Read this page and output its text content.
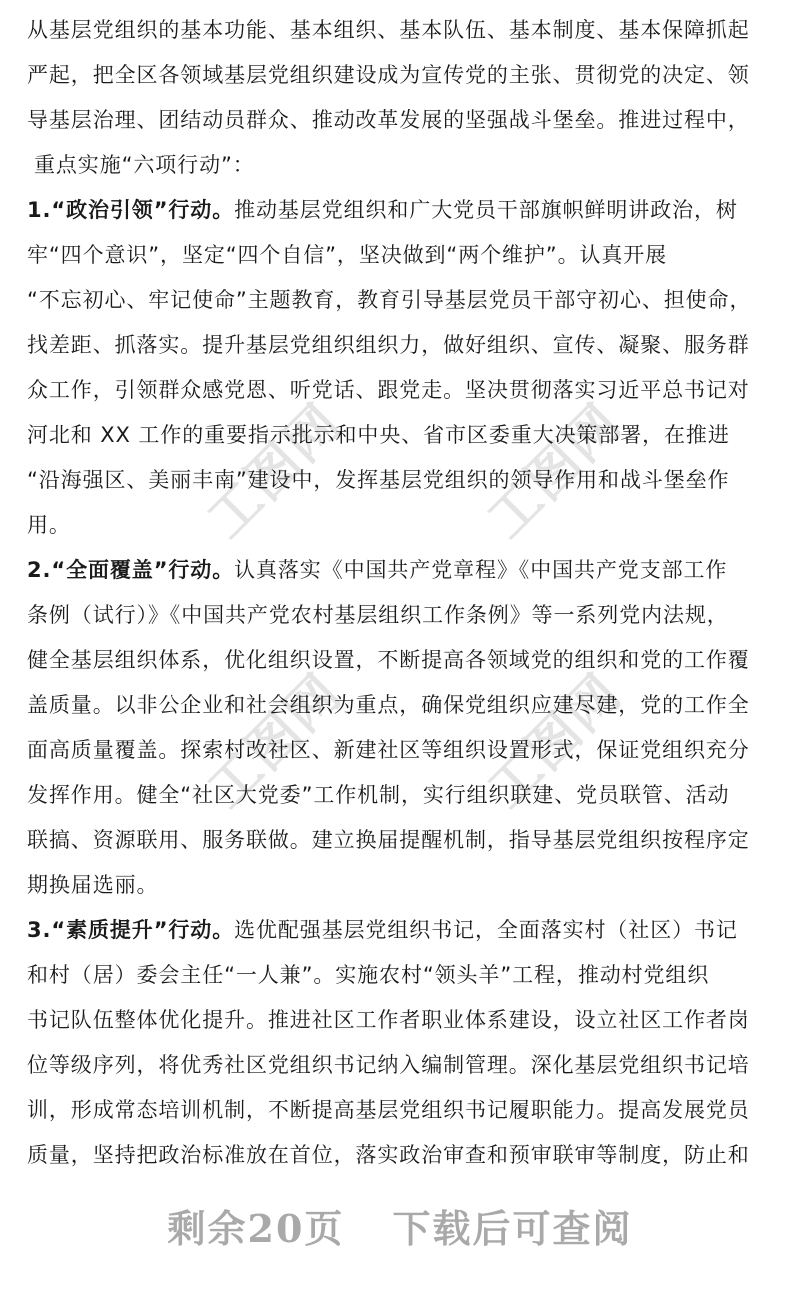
工图网 工图网
工图网 工图网
从基层党组织的基本功能、基本组织、基本队伍、基本制度、基本保障抓起
严起，把全区各领域基层党组织建设成为宣传党的主张、贯彻党的决定、领
导基层治理、团结动员群众、推动改革发展的坚强战斗堡垒。推进过程中，
重点实施“六项行动”：
1.“政治引领”行动。推动基层党组织和广大党员干部旗帜鲜明讲政治，树
牢“四个意识”，坚定“四个自信”，坚决做到“两个维护”。认真开展
“不忘初心、牢记使命”主题教育，教育引导基层党员干部守初心、担使命，
找差距、抓落实。提升基层党组织组织力，做好组织、宣传、凝聚、服务群
众工作，引领群众感党恩、听党话、跟党走。坚决贯彻落实习近平总书记对
河北和 XX 工作的重要指示批示和中央、省市区委重大决策部署，在推进
“沿海强区、美丽丰南”建设中，发挥基层党组织的领导作用和战斗堡垒作
用。
2.“全面覆盖”行动。认真落实《中国共产党章程》《中国共产党支部工作
条例（试行）》《中国共产党农村基层组织工作条例》等一系列党内法规，
健全基层组织体系，优化组织设置，不断提高各领域党的组织和党的工作覆
盖质量。以非公企业和社会组织为重点，确保党组织应建尽建，党的工作全
面高质量覆盖。探索村改社区、新建社区等组织设置形式，保证党组织充分
发挥作用。健全“社区大党委”工作机制，实行组织联建、党员联管、活动
联搞、资源联用、服务联做。建立换届提醒机制，指导基层党组织按程序定
期换届选丽。
3.“素质提升”行动。选优配强基层党组织书记，全面落实村（社区）书记
和村（居）委会主任“一人兼”。实施农村“领头羊”工程，推动村党组织
书记队伍整体优化提升。推进社区工作者职业体系建设，设立社区工作者岗
位等级序列，将优秀社区党组织书记纳入编制管理。深化基层党组织书记培
训，形成常态培训机制，不断提高基层党组织书记履职能力。提高发展党员
质量，坚持把政治标准放在首位，落实政治审查和预审联审等制度，防止和
剩余20页 下载后可查阅
